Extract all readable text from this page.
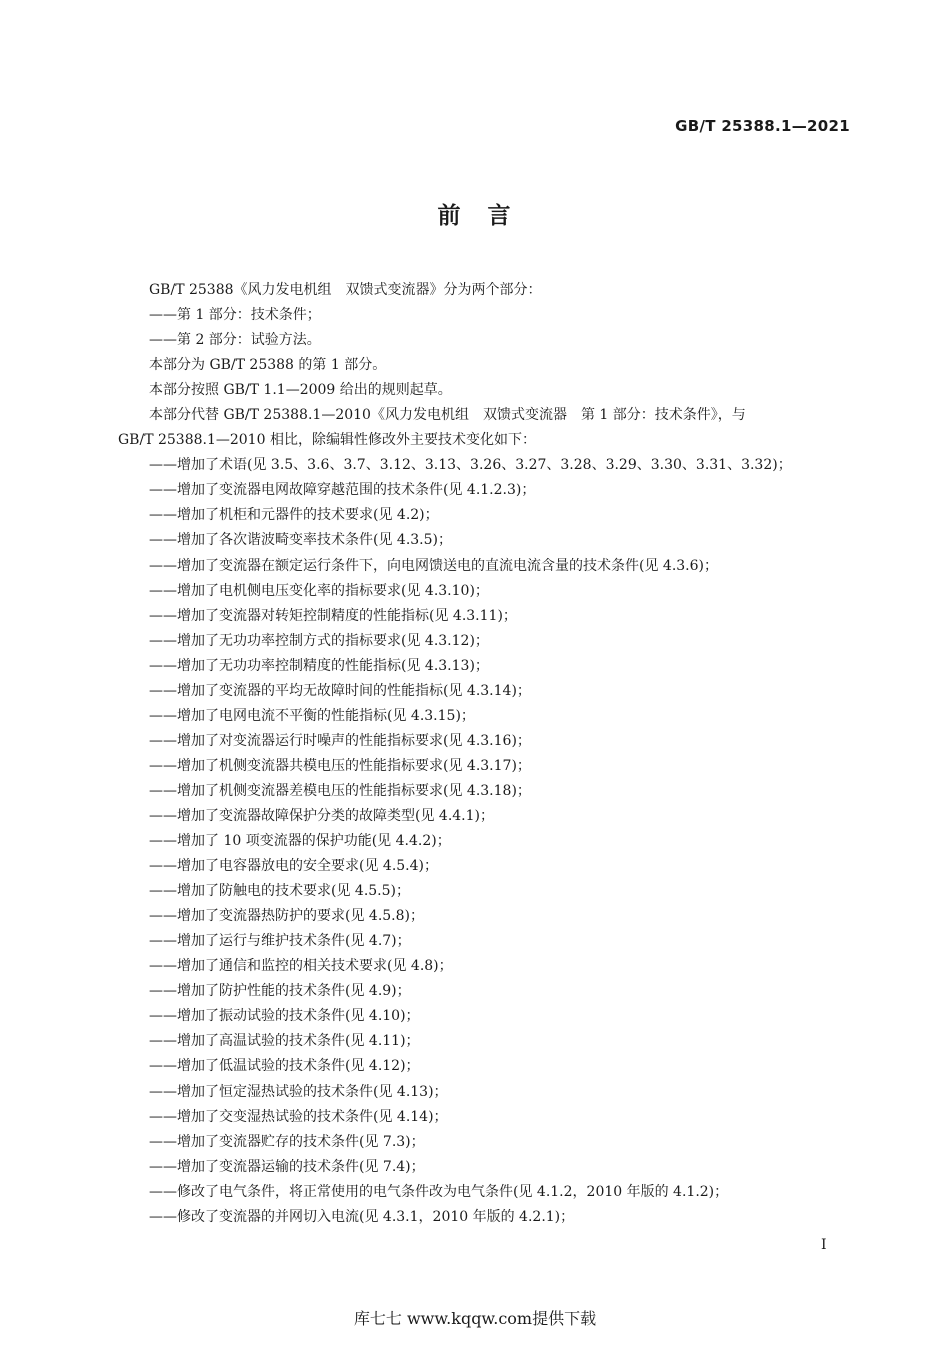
GB/T 25388.1—2021
前　言
GB/T 25388《风力发电机组　双馈式变流器》分为两个部分：
——第 1 部分：技术条件；
——第 2 部分：试验方法。
本部分为 GB/T 25388 的第 1 部分。
本部分按照 GB/T 1.1—2009 给出的规则起草。
本部分代替 GB/T 25388.1—2010《风力发电机组　双馈式变流器　第 1 部分：技术条件》，与
GB/T 25388.1—2010 相比，除编辑性修改外主要技术变化如下：
——增加了术语(见 3.5、3.6、3.7、3.12、3.13、3.26、3.27、3.28、3.29、3.30、3.31、3.32)；
——增加了变流器电网故障穿越范围的技术条件(见 4.1.2.3)；
——增加了机柜和元器件的技术要求(见 4.2)；
——增加了各次谐波畸变率技术条件(见 4.3.5)；
——增加了变流器在额定运行条件下，向电网馈送电的直流电流含量的技术条件(见 4.3.6)；
——增加了电机侧电压变化率的指标要求(见 4.3.10)；
——增加了变流器对转矩控制精度的性能指标(见 4.3.11)；
——增加了无功功率控制方式的指标要求(见 4.3.12)；
——增加了无功功率控制精度的性能指标(见 4.3.13)；
——增加了变流器的平均无故障时间的性能指标(见 4.3.14)；
——增加了电网电流不平衡的性能指标(见 4.3.15)；
——增加了对变流器运行时噪声的性能指标要求(见 4.3.16)；
——增加了机侧变流器共模电压的性能指标要求(见 4.3.17)；
——增加了机侧变流器差模电压的性能指标要求(见 4.3.18)；
——增加了变流器故障保护分类的故障类型(见 4.4.1)；
——增加了 10 项变流器的保护功能(见 4.4.2)；
——增加了电容器放电的安全要求(见 4.5.4)；
——增加了防触电的技术要求(见 4.5.5)；
——增加了变流器热防护的要求(见 4.5.8)；
——增加了运行与维护技术条件(见 4.7)；
——增加了通信和监控的相关技术要求(见 4.8)；
——增加了防护性能的技术条件(见 4.9)；
——增加了振动试验的技术条件(见 4.10)；
——增加了高温试验的技术条件(见 4.11)；
——增加了低温试验的技术条件(见 4.12)；
——增加了恒定湿热试验的技术条件(见 4.13)；
——增加了交变湿热试验的技术条件(见 4.14)；
——增加了变流器贮存的技术条件(见 7.3)；
——增加了变流器运输的技术条件(见 7.4)；
——修改了电气条件，将正常使用的电气条件改为电气条件(见 4.1.2，2010 年版的 4.1.2)；
——修改了变流器的并网切入电流(见 4.3.1，2010 年版的 4.2.1)；
I
库七七 www.kqqw.com提供下载
